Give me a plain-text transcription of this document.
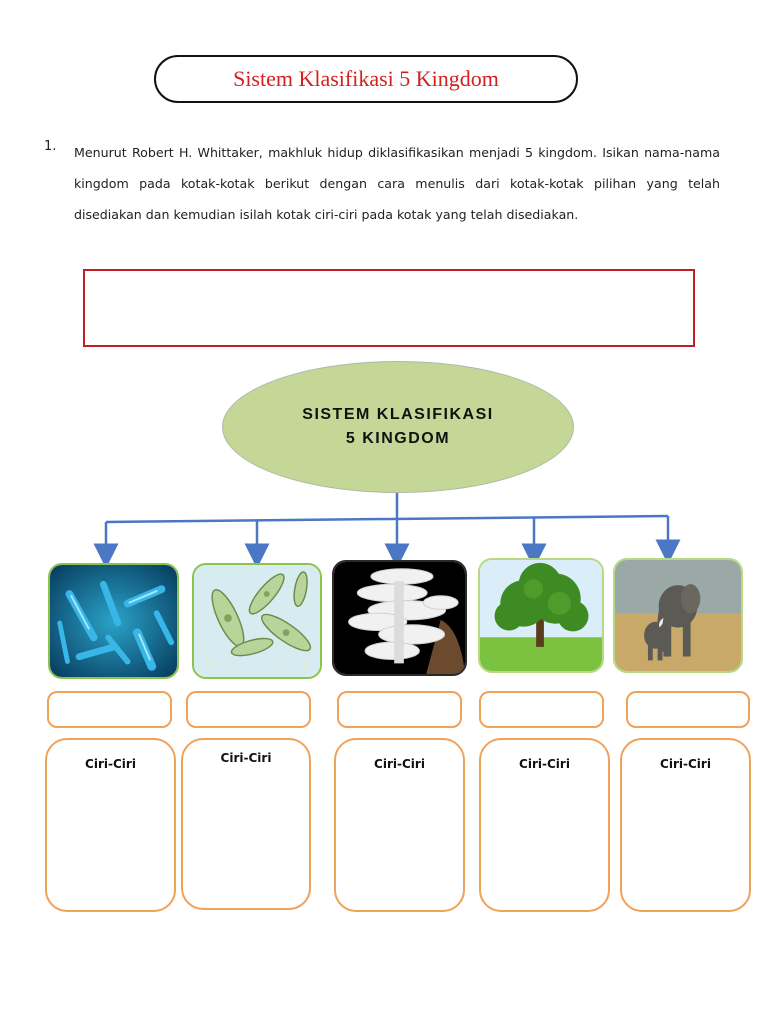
Sistem Klasifikasi 5 Kingdom
1. Menurut Robert H. Whittaker, makhluk hidup diklasifikasikan menjadi 5 kingdom. Isikan nama-nama kingdom pada kotak-kotak berikut dengan cara menulis dari kotak-kotak pilihan yang telah disediakan dan kemudian isilah kotak ciri-ciri pada kotak yang telah disediakan.
SISTEM KLASIFIKASI
5 KINGDOM
Ciri-Ciri	Ciri-Ciri	Ciri-Ciri	Ciri-Ciri	Ciri-Ciri
